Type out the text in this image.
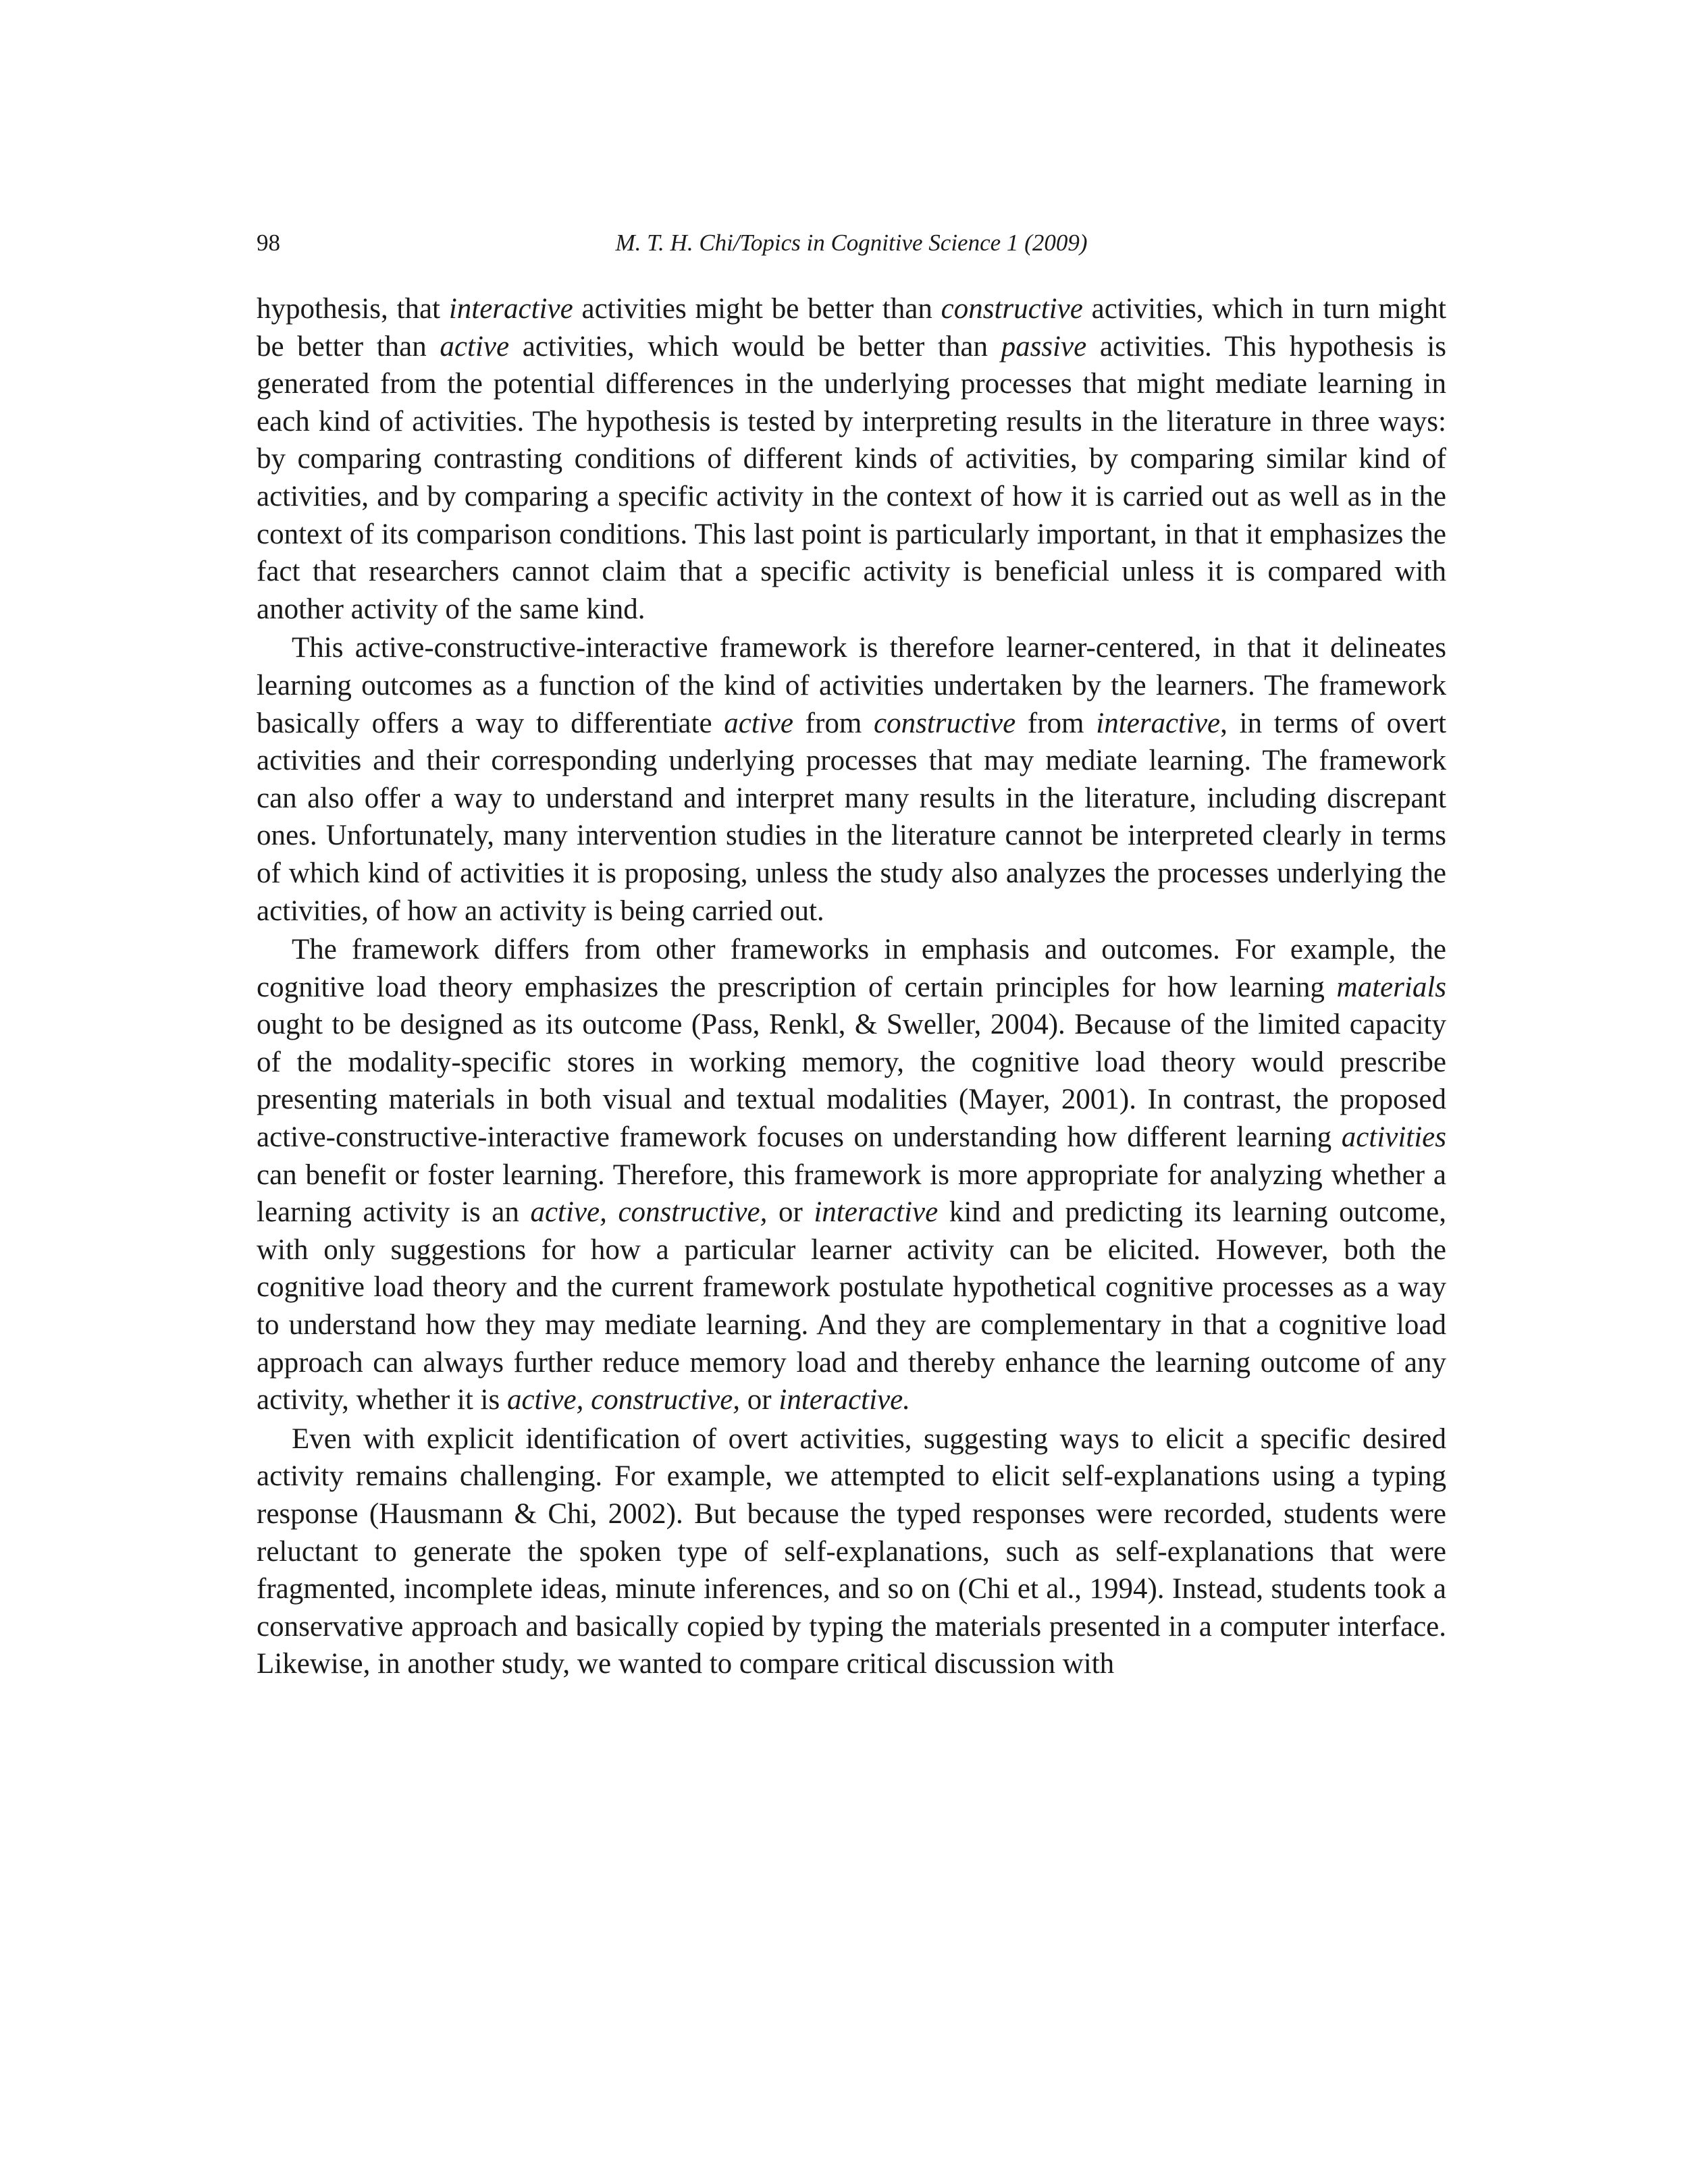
98	M. T. H. Chi/Topics in Cognitive Science 1 (2009)

hypothesis, that interactive activities might be better than constructive activities, which in turn might be better than active activities, which would be better than passive activities. This hypothesis is generated from the potential differences in the underlying processes that might mediate learning in each kind of activities. The hypothesis is tested by interpreting results in the literature in three ways: by comparing contrasting conditions of different kinds of activities, by comparing similar kind of activities, and by comparing a specific activity in the context of how it is carried out as well as in the context of its comparison conditions. This last point is particularly important, in that it emphasizes the fact that researchers cannot claim that a specific activity is beneficial unless it is compared with another activity of the same kind.

This active-constructive-interactive framework is therefore learner-centered, in that it delineates learning outcomes as a function of the kind of activities undertaken by the learners. The framework basically offers a way to differentiate active from constructive from interactive, in terms of overt activities and their corresponding underlying processes that may mediate learning. The framework can also offer a way to understand and interpret many results in the literature, including discrepant ones. Unfortunately, many intervention studies in the literature cannot be interpreted clearly in terms of which kind of activities it is proposing, unless the study also analyzes the processes underlying the activities, of how an activity is being carried out.

The framework differs from other frameworks in emphasis and outcomes. For example, the cognitive load theory emphasizes the prescription of certain principles for how learning materials ought to be designed as its outcome (Pass, Renkl, & Sweller, 2004). Because of the limited capacity of the modality-specific stores in working memory, the cognitive load theory would prescribe presenting materials in both visual and textual modalities (Mayer, 2001). In contrast, the proposed active-constructive-interactive framework focuses on understanding how different learning activities can benefit or foster learning. Therefore, this framework is more appropriate for analyzing whether a learning activity is an active, constructive, or interactive kind and predicting its learning outcome, with only suggestions for how a particular learner activity can be elicited. However, both the cognitive load theory and the current framework postulate hypothetical cognitive processes as a way to understand how they may mediate learning. And they are complementary in that a cognitive load approach can always further reduce memory load and thereby enhance the learning outcome of any activity, whether it is active, constructive, or interactive.

Even with explicit identification of overt activities, suggesting ways to elicit a specific desired activity remains challenging. For example, we attempted to elicit self-explanations using a typing response (Hausmann & Chi, 2002). But because the typed responses were recorded, students were reluctant to generate the spoken type of self-explanations, such as self-explanations that were fragmented, incomplete ideas, minute inferences, and so on (Chi et al., 1994). Instead, students took a conservative approach and basically copied by typing the materials presented in a computer interface. Likewise, in another study, we wanted to compare critical discussion with
